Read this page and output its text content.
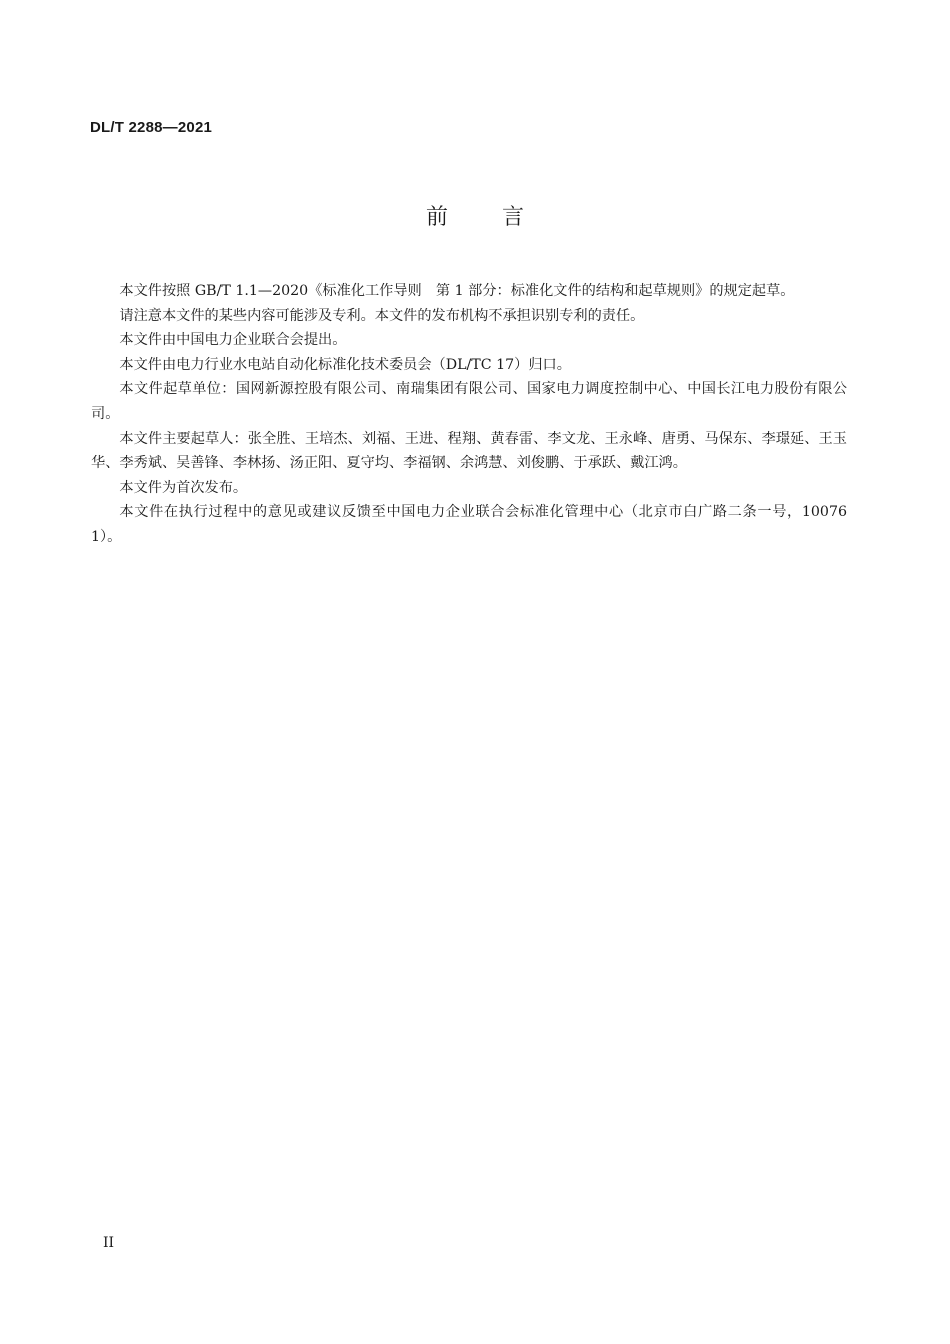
DL/T 2288—2021
前言

本文件按照 GB/T 1.1—2020《标准化工作导则　第 1 部分：标准化文件的结构和起草规则》的规定起草。

请注意本文件的某些内容可能涉及专利。本文件的发布机构不承担识别专利的责任。

本文件由中国电力企业联合会提出。

本文件由电力行业水电站自动化标准化技术委员会（DL/TC 17）归口。

本文件起草单位：国网新源控股有限公司、南瑞集团有限公司、国家电力调度控制中心、中国长江电力股份有限公司。

本文件主要起草人：张全胜、王培杰、刘福、王进、程翔、黄春雷、李文龙、王永峰、唐勇、马保东、李璟延、王玉华、李秀斌、吴善锋、李林扬、汤正阳、夏守均、李福钢、余鸿慧、刘俊鹏、于承跃、戴江鸿。

本文件为首次发布。

本文件在执行过程中的意见或建议反馈至中国电力企业联合会标准化管理中心（北京市白广路二条一号，100761）。

II
